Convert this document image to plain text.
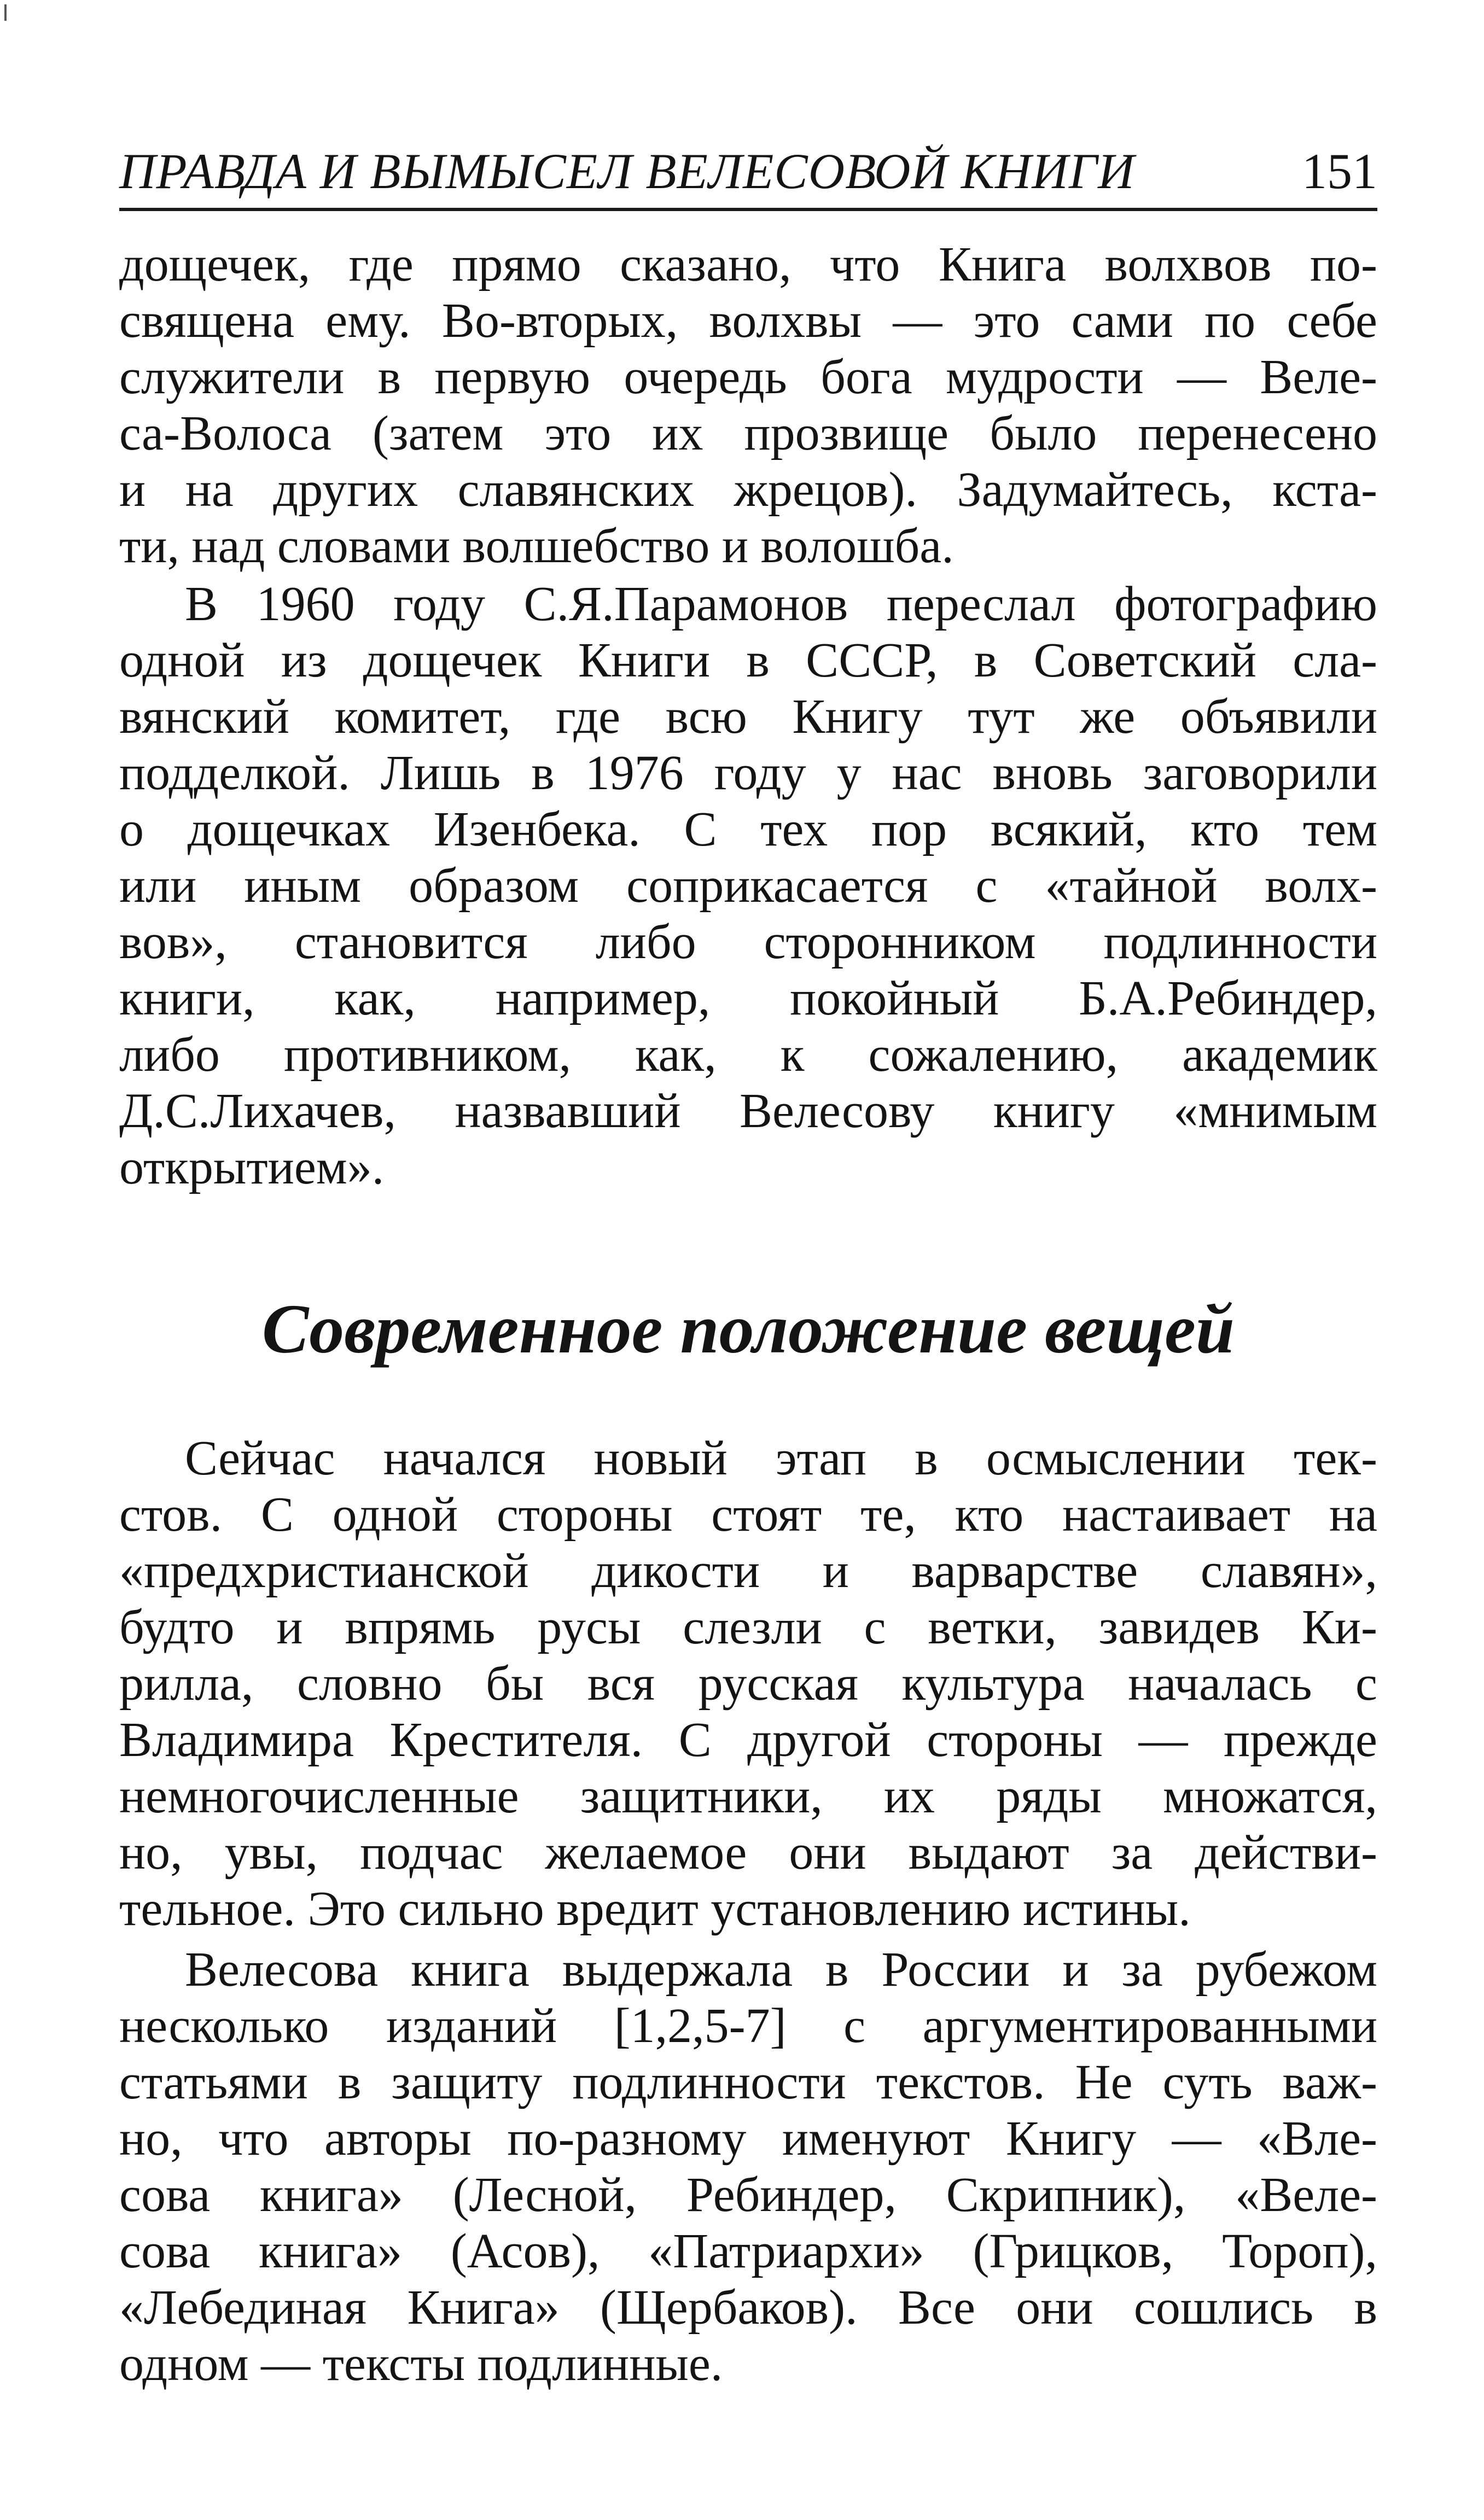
ПРАВДА И ВЫМЫСЕЛ ВЕЛЕСОВОЙ КНИГИ	151
дощечек, где прямо сказано, что Книга волхвов по-
священа ему. Во-вторых, волхвы — это сами по себе
служители в первую очередь бога мудрости — Веле-
са-Волоса (затем это их прозвище было перенесено
и на других славянских жрецов). Задумайтесь, кста-
ти, над словами волшебство и волошба.
В 1960 году С.Я.Парамонов переслал фотографию
одной из дощечек Книги в СССР, в Советский сла-
вянский комитет, где всю Книгу тут же объявили
подделкой. Лишь в 1976 году у нас вновь заговорили
о дощечках Изенбека. С тех пор всякий, кто тем
или иным образом соприкасается с «тайной волх-
вов», становится либо сторонником подлинности
книги, как, например, покойный Б.А.Ребиндер,
либо противником, как, к сожалению, академик
Д.С.Лихачев, назвавший Велесову книгу «мнимым
открытием».
Современное положение вещей
Сейчас начался новый этап в осмыслении тек-
стов. С одной стороны стоят те, кто настаивает на
«предхристианской дикости и варварстве славян»,
будто и впрямь русы слезли с ветки, завидев Ки-
рилла, словно бы вся русская культура началась с
Владимира Крестителя. С другой стороны — прежде
немногочисленные защитники, их ряды множатся,
но, увы, подчас желаемое они выдают за действи-
тельное. Это сильно вредит установлению истины.
Велесова книга выдержала в России и за рубежом
несколько изданий [1,2,5-7] с аргументированными
статьями в защиту подлинности текстов. Не суть важ-
но, что авторы по-разному именуют Книгу — «Вле-
сова книга» (Лесной, Ребиндер, Скрипник), «Веле-
сова книга» (Асов), «Патриархи» (Грицков, Тороп),
«Лебединая Книга» (Щербаков). Все они сошлись в
одном — тексты подлинные.
